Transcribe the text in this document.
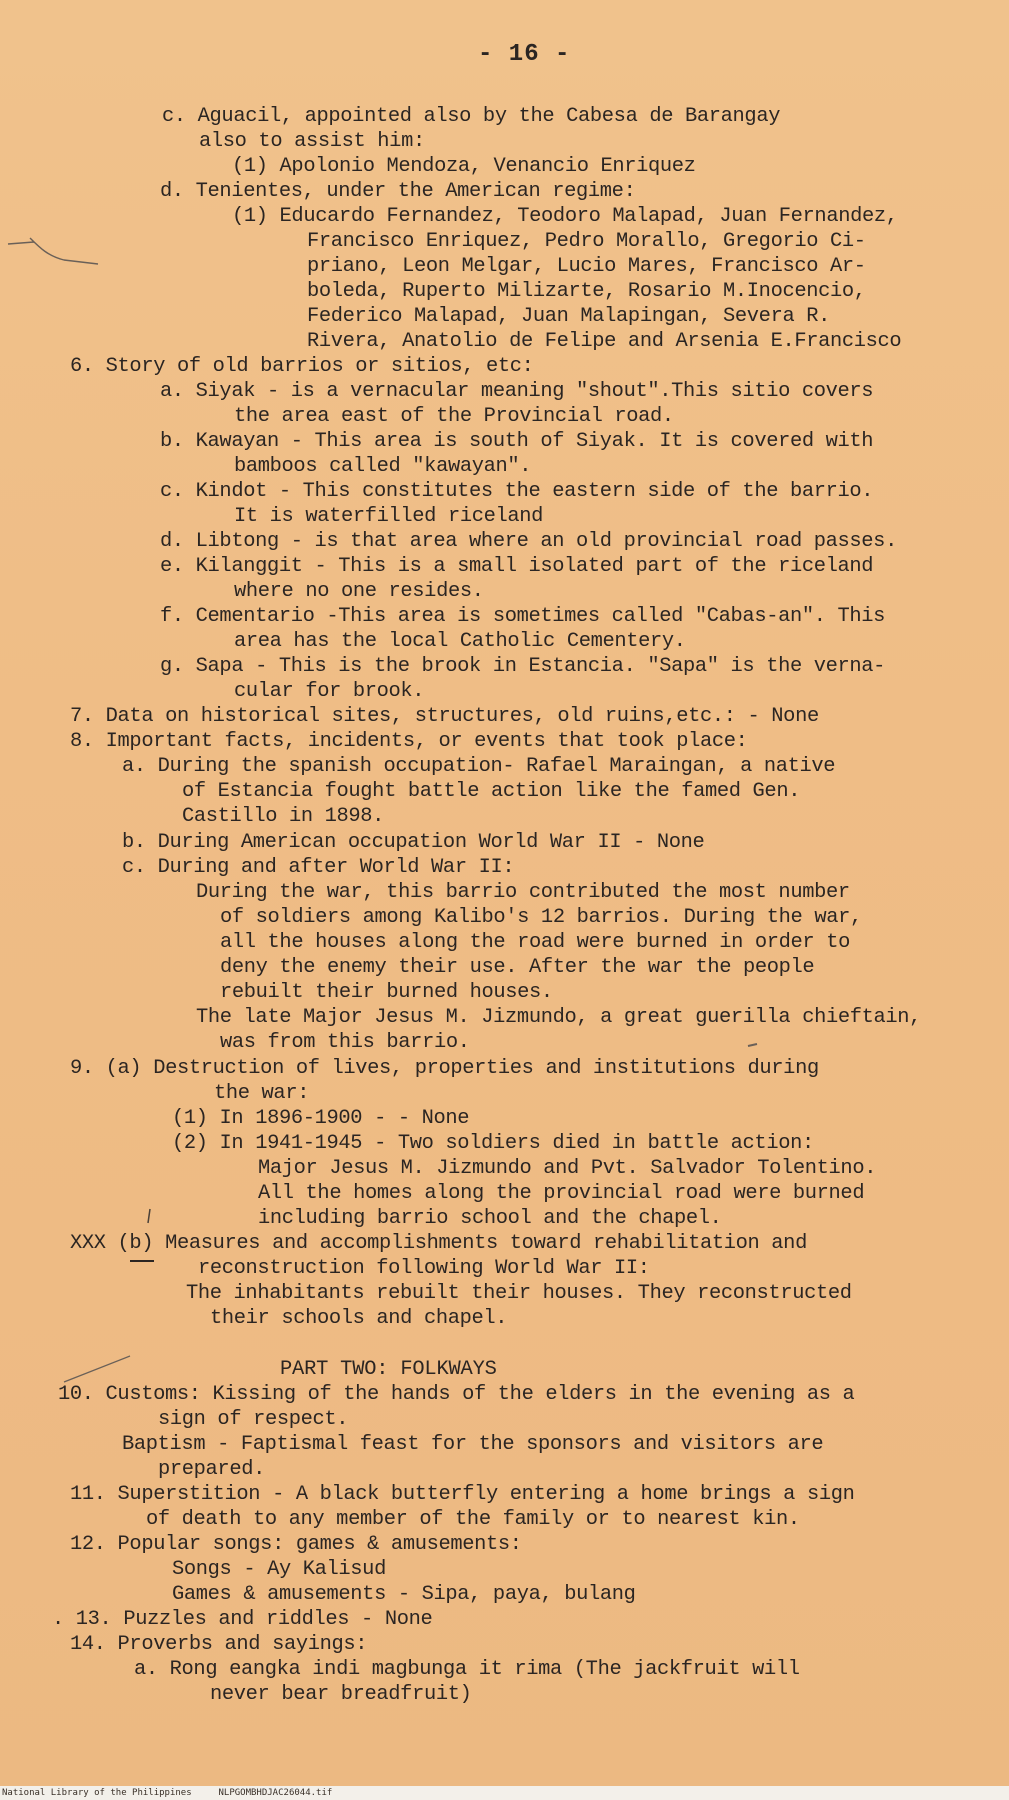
- 16 -
c. Aguacil, appointed also by the Cabesa de Barangay
also to assist him:
(1) Apolonio Mendoza, Venancio Enriquez
d. Tenientes, under the American regime:
(1) Educardo Fernandez, Teodoro Malapad, Juan Fernandez,
Francisco Enriquez, Pedro Morallo, Gregorio Ci-
priano, Leon Melgar, Lucio Mares, Francisco Ar-
boleda, Ruperto Milizarte, Rosario M.Inocencio,
Federico Malapad, Juan Malapingan, Severa R.
Rivera, Anatolio de Felipe and Arsenia E.Francisco
6. Story of old barrios or sitios, etc:
a. Siyak - is a vernacular meaning "shout".This sitio covers
the area east of the Provincial road.
b. Kawayan - This area is south of Siyak. It is covered with
bamboos called "kawayan".
c. Kindot - This constitutes the eastern side of the barrio.
It is waterfilled riceland
d. Libtong - is that area where an old provincial road passes.
e. Kilanggit - This is a small isolated part of the riceland
where no one resides.
f. Cementario -This area is sometimes called "Cabas-an". This
area has the local Catholic Cementery.
g. Sapa - This is the brook in Estancia. "Sapa" is the verna-
cular for brook.
7. Data on historical sites, structures, old ruins,etc.: - None
8. Important facts, incidents, or events that took place:
a. During the spanish occupation- Rafael Maraingan, a native
of Estancia fought battle action like the famed Gen.
Castillo in 1898.
b. During American occupation World War II - None
c. During and after World War II:
During the war, this barrio contributed the most number
of soldiers among Kalibo's 12 barrios. During the war,
all the houses along the road were burned in order to
deny the enemy their use. After the war the people
rebuilt their burned houses.
The late Major Jesus M. Jizmundo, a great guerilla chieftain,
was from this barrio.
9. (a) Destruction of lives, properties and institutions during
the war:
(1) In 1896-1900 - - None
(2) In 1941-1945 - Two soldiers died in battle action:
Major Jesus M. Jizmundo and Pvt. Salvador Tolentino.
All the homes along the provincial road were burned
including barrio school and the chapel.
XXX (b) Measures and accomplishments toward rehabilitation and
reconstruction following World War II:
The inhabitants rebuilt their houses. They reconstructed
their schools and chapel.
PART TWO: FOLKWAYS
10. Customs: Kissing of the hands of the elders in the evening as a
sign of respect.
Baptism - Faptismal feast for the sponsors and visitors are
prepared.
11. Superstition - A black butterfly entering a home brings a sign
of death to any member of the family or to nearest kin.
12. Popular songs: games & amusements:
Songs - Ay Kalisud
Games & amusements - Sipa, paya, bulang
. 13. Puzzles and riddles - None
14. Proverbs and sayings:
a. Rong eangka indi magbunga it rima (The jackfruit will
never bear breadfruit)
National Library of the Philippines	NLPGOMBHDJAC26044.tif
